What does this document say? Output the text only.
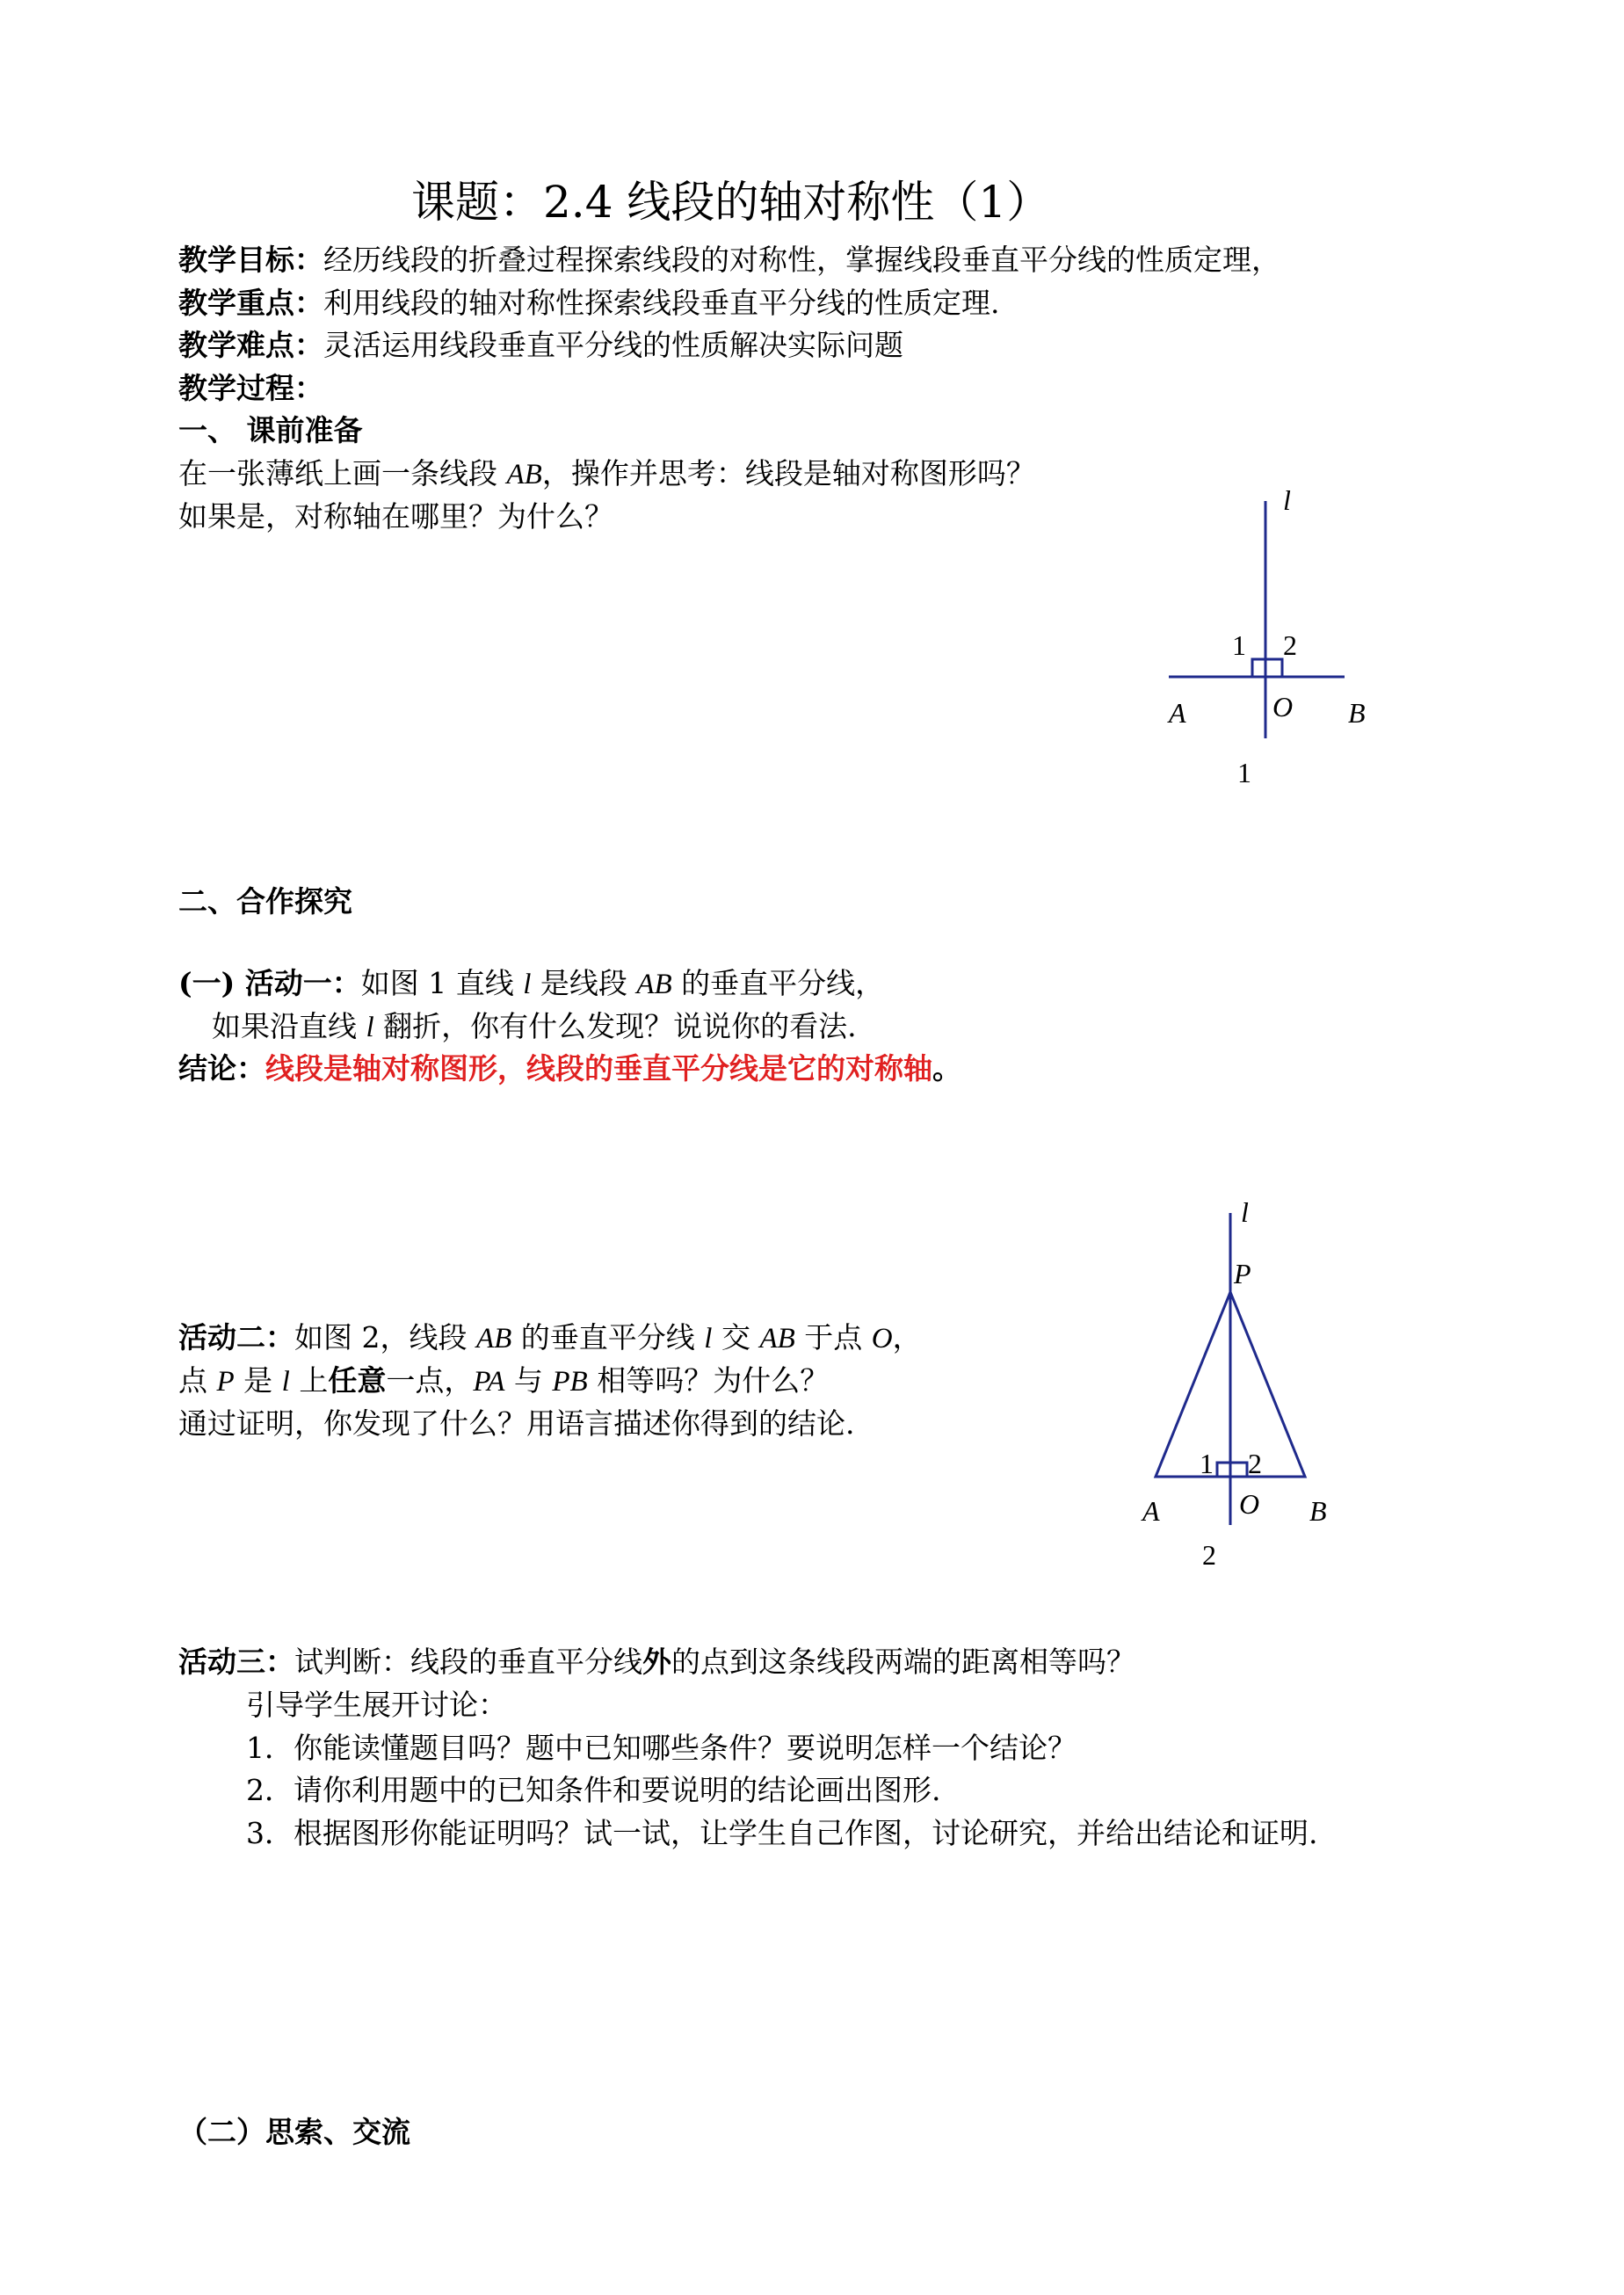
课题：2.4 线段的轴对称性（1）
教学目标：经历线段的折叠过程探索线段的对称性，掌握线段垂直平分线的性质定理，
教学重点：利用线段的轴对称性探索线段垂直平分线的性质定理.
教学难点：灵活运用线段垂直平分线的性质解决实际问题
教学过程：
一、 课前准备
在一张薄纸上画一条线段 AB，操作并思考：线段是轴对称图形吗？
如果是，对称轴在哪里？为什么？	l
1 2
A	O B
1
二、合作探究
(一) 活动一：如图 1 直线 l 是线段 AB 的垂直平分线，
如果沿直线 l 翻折，你有什么发现？说说你的看法.
结论：线段是轴对称图形，线段的垂直平分线是它的对称轴。
l
P
1 2
A	O B
2
活动二：如图 2，线段 AB 的垂直平分线 l 交 AB 于点 O，
点 P 是 l 上任意一点，PA 与 PB 相等吗？为什么？
通过证明，你发现了什么？用语言描述你得到的结论.
活动三：试判断：线段的垂直平分线外的点到这条线段两端的距离相等吗？
引导学生展开讨论：
1．你能读懂题目吗？题中已知哪些条件？要说明怎样一个结论？
2．请你利用题中的已知条件和要说明的结论画出图形.
3．根据图形你能证明吗？试一试，让学生自己作图，讨论研究，并给出结论和证明.
（二）思索、交流
